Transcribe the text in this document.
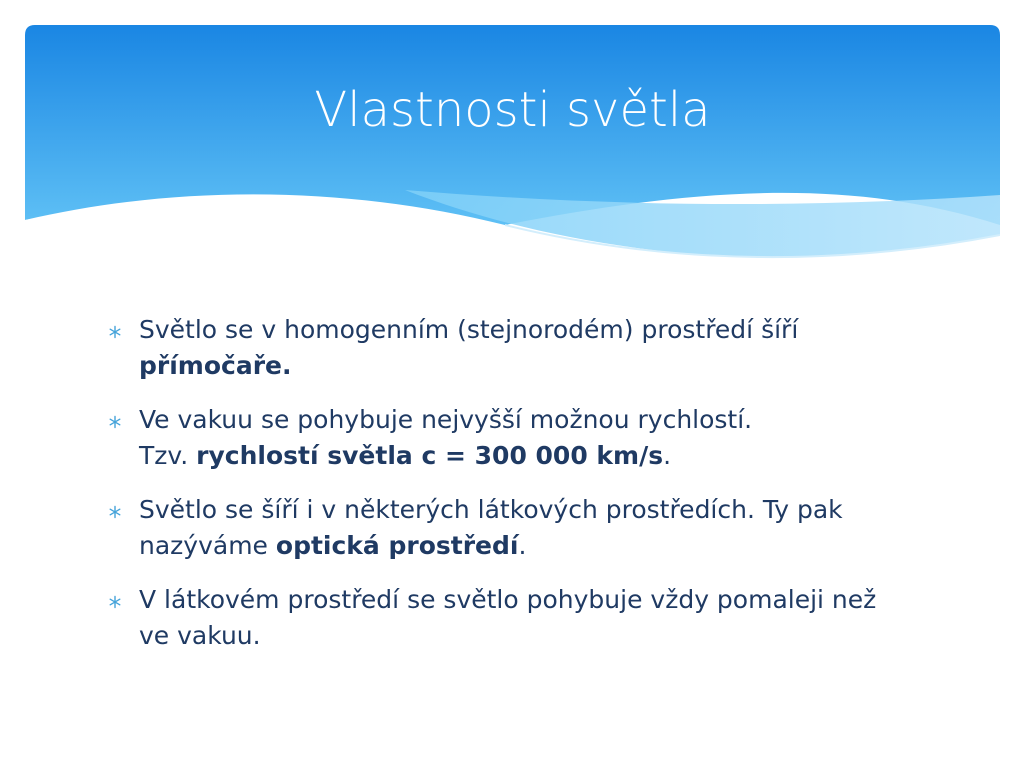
Vlastnosti světla
Světlo se v homogenním (stejnorodém) prostředí šíří přímočaře.
Ve vakuu se pohybuje nejvyšší možnou rychlostí.
Tzv. rychlostí světla c = 300 000 km/s.
Světlo se šíří i v některých látkových prostředích. Ty pak nazýváme optická prostředí.
V látkovém prostředí se světlo pohybuje vždy pomaleji než ve vakuu.
